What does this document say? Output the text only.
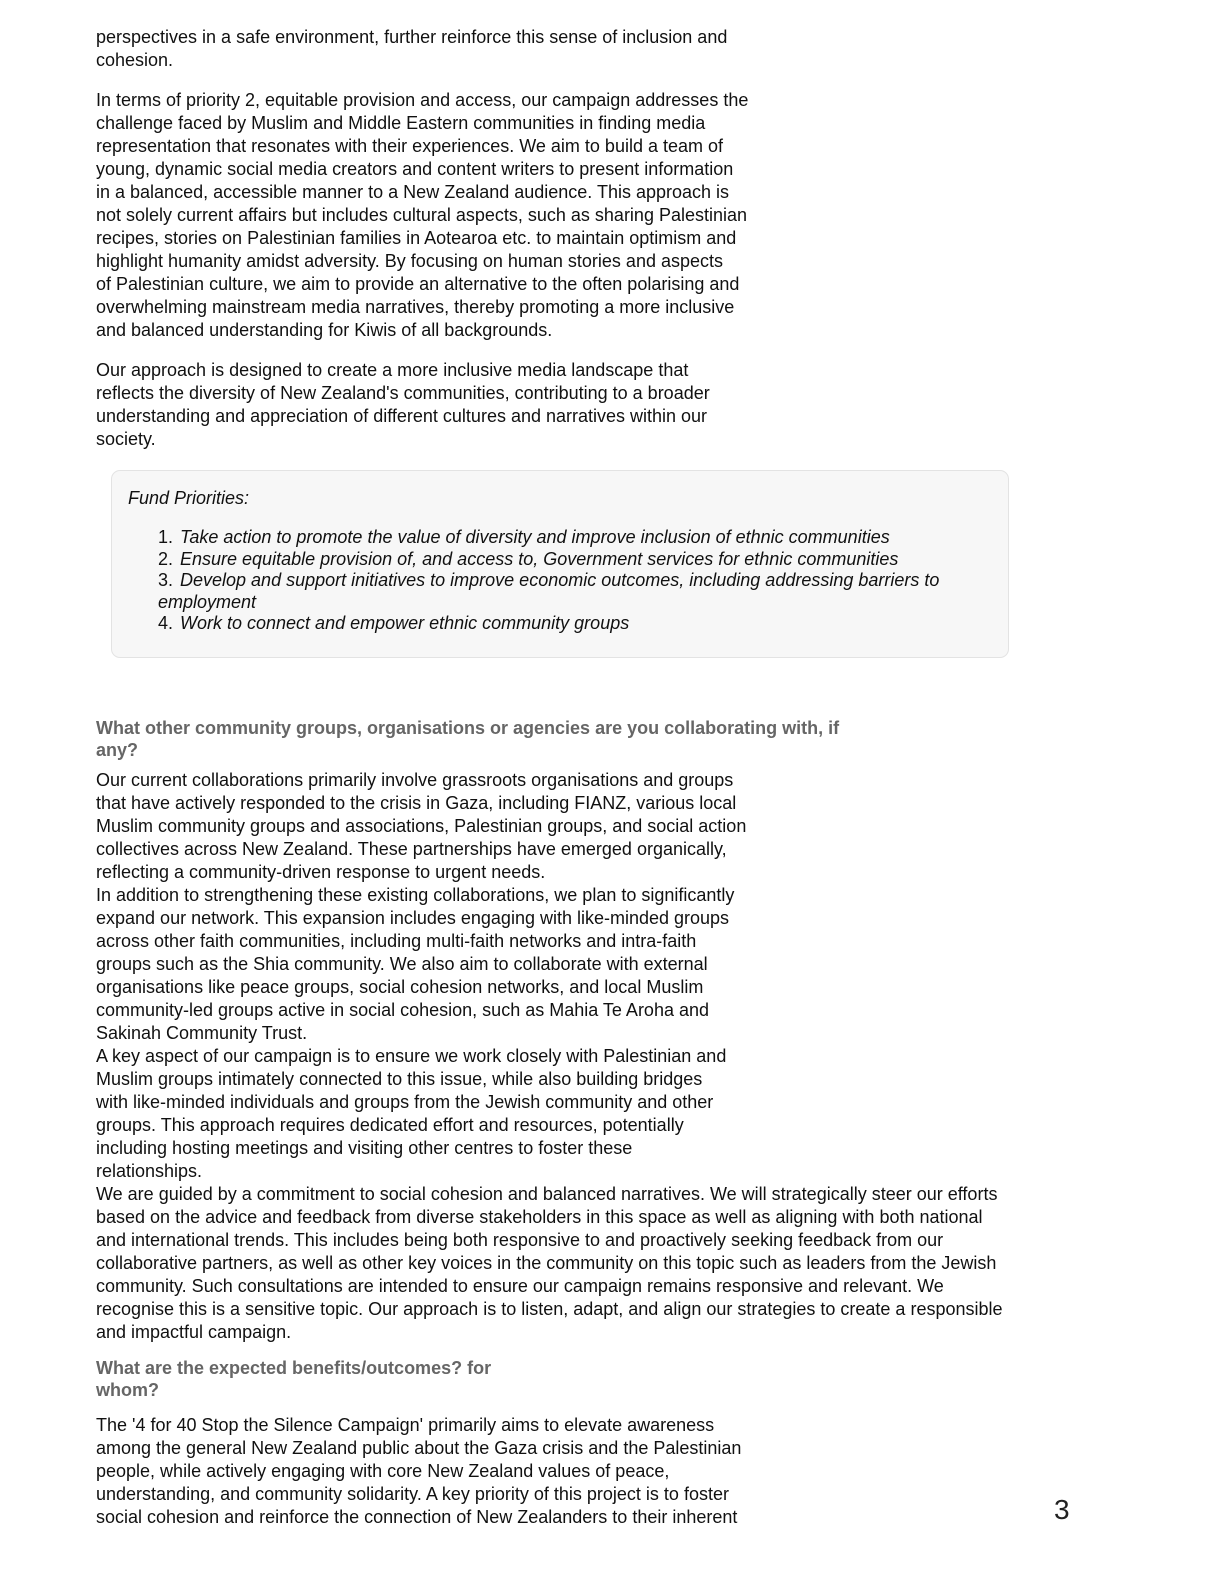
perspectives in a safe environment, further reinforce this sense of inclusion and
cohesion.
In terms of priority 2, equitable provision and access, our campaign addresses the
challenge faced by Muslim and Middle Eastern communities in finding media
representation that resonates with their experiences. We aim to build a team of
young, dynamic social media creators and content writers to present information
in a balanced, accessible manner to a New Zealand audience. This approach is
not solely current affairs but includes cultural aspects, such as sharing Palestinian
recipes, stories on Palestinian families in Aotearoa etc. to maintain optimism and
highlight humanity amidst adversity. By focusing on human stories and aspects
of Palestinian culture, we aim to provide an alternative to the often polarising and
overwhelming mainstream media narratives, thereby promoting a more inclusive
and balanced understanding for Kiwis of all backgrounds.
Our approach is designed to create a more inclusive media landscape that
reflects the diversity of New Zealand's communities, contributing to a broader
understanding and appreciation of different cultures and narratives within our
society.
Fund Priorities:
1. Take action to promote the value of diversity and improve inclusion of ethnic communities
2. Ensure equitable provision of, and access to, Government services for ethnic communities
3. Develop and support initiatives to improve economic outcomes, including addressing barriers to
employment
4. Work to connect and empower ethnic community groups
What other community groups, organisations or agencies are you collaborating with, if
any?
Our current collaborations primarily involve grassroots organisations and groups
that have actively responded to the crisis in Gaza, including FIANZ, various local
Muslim community groups and associations, Palestinian groups, and social action
collectives across New Zealand. These partnerships have emerged organically,
reflecting a community-driven response to urgent needs.
In addition to strengthening these existing collaborations, we plan to significantly
expand our network. This expansion includes engaging with like-minded groups
across other faith communities, including multi-faith networks and intra-faith
groups such as the Shia community. We also aim to collaborate with external
organisations like peace groups, social cohesion networks, and local Muslim
community-led groups active in social cohesion, such as Mahia Te Aroha and
Sakinah Community Trust.
A key aspect of our campaign is to ensure we work closely with Palestinian and
Muslim groups intimately connected to this issue, while also building bridges
with like-minded individuals and groups from the Jewish community and other
groups. This approach requires dedicated effort and resources, potentially
including hosting meetings and visiting other centres to foster these
relationships.
We are guided by a commitment to social cohesion and balanced narratives. We will strategically steer our efforts
based on the advice and feedback from diverse stakeholders in this space as well as aligning with both national
and international trends. This includes being both responsive to and proactively seeking feedback from our
collaborative partners, as well as other key voices in the community on this topic such as leaders from the Jewish
community. Such consultations are intended to ensure our campaign remains responsive and relevant. We
recognise this is a sensitive topic. Our approach is to listen, adapt, and align our strategies to create a responsible
and impactful campaign.
What are the expected benefits/outcomes? for
whom?
The '4 for 40 Stop the Silence Campaign' primarily aims to elevate awareness
among the general New Zealand public about the Gaza crisis and the Palestinian
people, while actively engaging with core New Zealand values of peace,
understanding, and community solidarity. A key priority of this project is to foster
social cohesion and reinforce the connection of New Zealanders to their inherent	3
